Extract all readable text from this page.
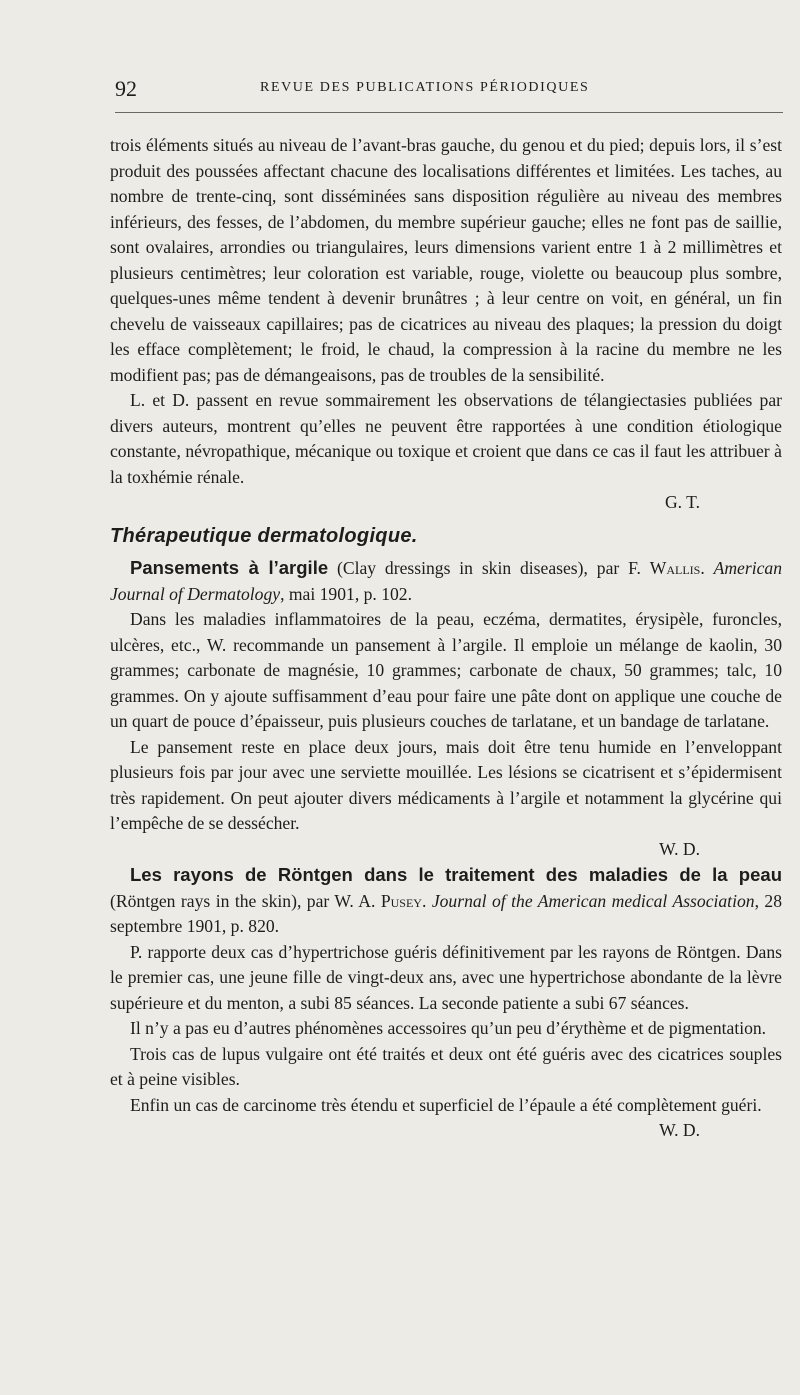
92	REVUE DES PUBLICATIONS PÉRIODIQUES

trois éléments situés au niveau de l’avant-bras gauche, du genou et du pied; depuis lors, il s’est produit des poussées affectant chacune des localisations différentes et limitées. Les taches, au nombre de trente-cinq, sont disséminées sans disposition régulière au niveau des membres inférieurs, des fesses, de l’abdomen, du membre supérieur gauche; elles ne font pas de saillie, sont ovalaires, arrondies ou triangulaires, leurs dimensions varient entre 1 à 2 millimètres et plusieurs centimètres; leur coloration est variable, rouge, violette ou beaucoup plus sombre, quelques-unes même tendent à devenir brunâtres ; à leur centre on voit, en général, un fin chevelu de vaisseaux capillaires; pas de cicatrices au niveau des plaques; la pression du doigt les efface complètement; le froid, le chaud, la compression à la racine du membre ne les modifient pas; pas de démangeaisons, pas de troubles de la sensibilité.

L. et D. passent en revue sommairement les observations de télangiectasies publiées par divers auteurs, montrent qu’elles ne peuvent être rapportées à une condition étiologique constante, névropathique, mécanique ou toxique et croient que dans ce cas il faut les attribuer à la toxhémie rénale.

G. T.

Thérapeutique dermatologique.

Pansements à l’argile (Clay dressings in skin diseases), par F. Wallis. American Journal of Dermatology, mai 1901, p. 102.

Dans les maladies inflammatoires de la peau, eczéma, dermatites, érysipèle, furoncles, ulcères, etc., W. recommande un pansement à l’argile. Il emploie un mélange de kaolin, 30 grammes; carbonate de magnésie, 10 grammes; carbonate de chaux, 50 grammes; talc, 10 grammes. On y ajoute suffisamment d’eau pour faire une pâte dont on applique une couche de un quart de pouce d’épaisseur, puis plusieurs couches de tarlatane, et un bandage de tarlatane.

Le pansement reste en place deux jours, mais doit être tenu humide en l’enveloppant plusieurs fois par jour avec une serviette mouillée. Les lésions se cicatrisent et s’épidermisent très rapidement. On peut ajouter divers médicaments à l’argile et notamment la glycérine qui l’empêche de se dessécher.

W. D.

Les rayons de Röntgen dans le traitement des maladies de la peau (Röntgen rays in the skin), par W. A. Pusey. Journal of the American medical Association, 28 septembre 1901, p. 820.

P. rapporte deux cas d’hypertrichose guéris définitivement par les rayons de Röntgen. Dans le premier cas, une jeune fille de vingt-deux ans, avec une hypertrichose abondante de la lèvre supérieure et du menton, a subi 85 séances. La seconde patiente a subi 67 séances.

Il n’y a pas eu d’autres phénomènes accessoires qu’un peu d’érythème et de pigmentation.

Trois cas de lupus vulgaire ont été traités et deux ont été guéris avec des cicatrices souples et à peine visibles.

Enfin un cas de carcinome très étendu et superficiel de l’épaule a été complètement guéri.

W. D.
